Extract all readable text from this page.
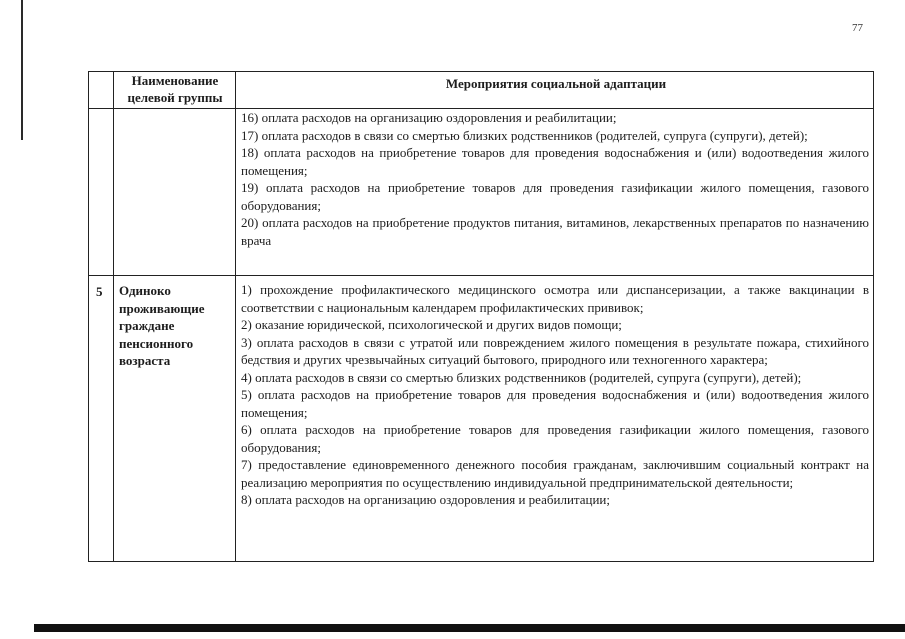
77
Наименование целевой группы
Мероприятия социальной адаптации
16) оплата расходов на организацию оздоровления и реабилитации;
17) оплата расходов в связи со смертью близких родственников (родителей, супруга (супруги), детей);
18) оплата расходов на приобретение товаров для проведения водоснабжения и (или) водоотведения жилого помещения;
19) оплата расходов на приобретение товаров для проведения газификации жилого помещения, газового оборудования;
20) оплата расходов на приобретение продуктов питания, витаминов, лекарственных препаратов по назначению врача
5 Одиноко проживающие граждане пенсионного возраста
1) прохождение профилактического медицинского осмотра или диспансеризации, а также вакцинации в соответствии с национальным календарем профилактических прививок;
2) оказание юридической, психологической и других видов помощи;
3) оплата расходов в связи с утратой или повреждением жилого помещения в результате пожара, стихийного бедствия и других чрезвычайных ситуаций бытового, природного или техногенного характера;
4) оплата расходов в связи со смертью близких родственников (родителей, супруга (супруги), детей);
5) оплата расходов на приобретение товаров для проведения водоснабжения и (или) водоотведения жилого помещения;
6) оплата расходов на приобретение товаров для проведения газификации жилого помещения, газового оборудования;
7) предоставление единовременного денежного пособия гражданам, заключившим социальный контракт на реализацию мероприятия по осуществлению индивидуальной предпринимательской деятельности;
8) оплата расходов на организацию оздоровления и реабилитации;
